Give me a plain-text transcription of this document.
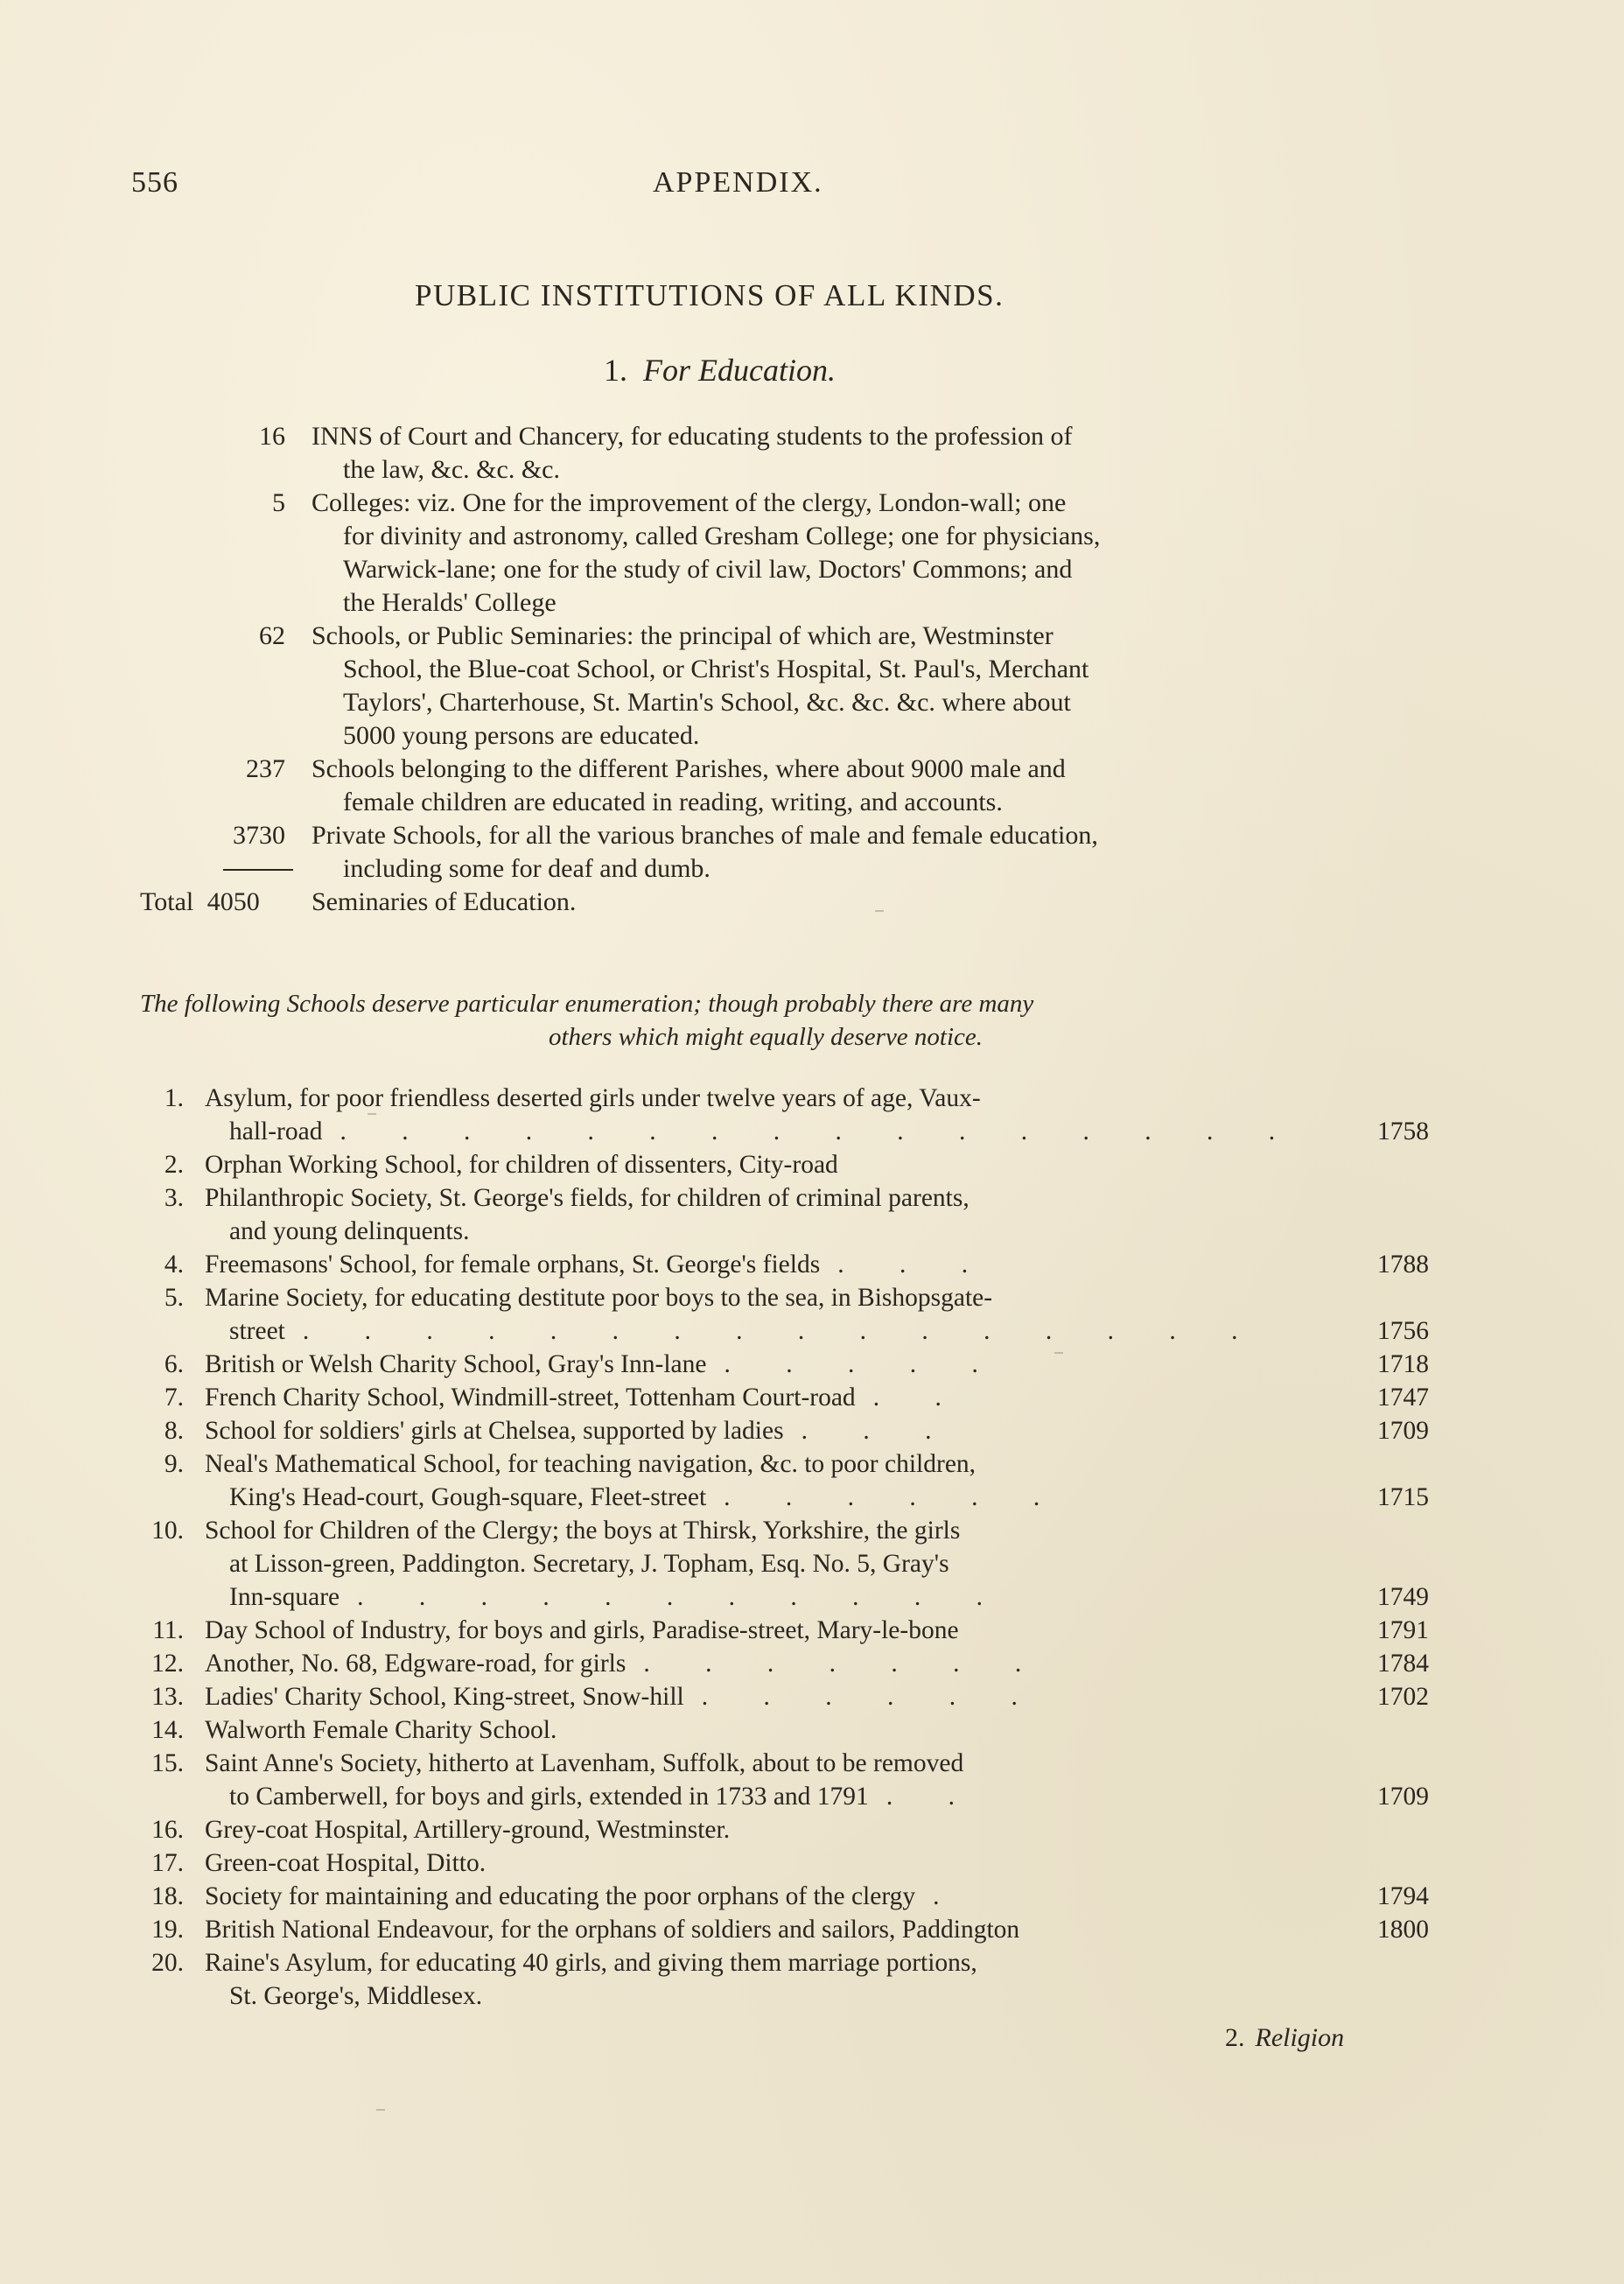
556	APPENDIX.
PUBLIC INSTITUTIONS OF ALL KINDS.
1. For Education.
16	INNS of Court and Chancery, for educating students to the profession of
the law, &c. &c. &c.
5	Colleges: viz. One for the improvement of the clergy, London-wall; one
for divinity and astronomy, called Gresham College; one for physicians,
Warwick-lane; one for the study of civil law, Doctors' Commons; and
the Heralds' College
62	Schools, or Public Seminaries: the principal of which are, Westminster
School, the Blue-coat School, or Christ's Hospital, St. Paul's, Merchant
Taylors', Charterhouse, St. Martin's School, &c. &c. &c. where about
5000 young persons are educated.
237	Schools belonging to the different Parishes, where about 9000 male and
female children are educated in reading, writing, and accounts.
3730	Private Schools, for all the various branches of male and female education,
including some for deaf and dumb.
Total 4050 Seminaries of Education.
The following Schools deserve particular enumeration; though probably there are many
others which might equally deserve notice.
1. Asylum, for poor friendless deserted girls under twelve years of age, Vaux-
hall-road . . . . . . . . . . . . . . . .	1758
2. Orphan Working School, for children of dissenters, City-road
3. Philanthropic Society, St. George's fields, for children of criminal parents,
and young delinquents.
4. Freemasons' School, for female orphans, St. George's fields . . .	1788
5. Marine Society, for educating destitute poor boys to the sea, in Bishopsgate-
street . . . . . . . . . . . . . . . .	1756
6. British or Welsh Charity School, Gray's Inn-lane . . . . .	1718
7. French Charity School, Windmill-street, Tottenham Court-road . .	1747
8. School for soldiers' girls at Chelsea, supported by ladies . . .	1709
9. Neal's Mathematical School, for teaching navigation, &c. to poor children,
King's Head-court, Gough-square, Fleet-street . . . . . .	1715
10. School for Children of the Clergy; the boys at Thirsk, Yorkshire, the girls
at Lisson-green, Paddington. Secretary, J. Topham, Esq. No. 5, Gray's
Inn-square . . . . . . . . . . .	1749
11. Day School of Industry, for boys and girls, Paradise-street, Mary-le-bone	1791
12. Another, No. 68, Edgware-road, for girls . . . . . . .	1784
13. Ladies' Charity School, King-street, Snow-hill . . . . . .	1702
14. Walworth Female Charity School.
15. Saint Anne's Society, hitherto at Lavenham, Suffolk, about to be removed
to Camberwell, for boys and girls, extended in 1733 and 1791 . .	1709
16. Grey-coat Hospital, Artillery-ground, Westminster.
17. Green-coat Hospital, Ditto.
18. Society for maintaining and educating the poor orphans of the clergy .	1794
19. British National Endeavour, for the orphans of soldiers and sailors, Paddington	1800
20. Raine's Asylum, for educating 40 girls, and giving them marriage portions,
St. George's, Middlesex.
2. Religion
